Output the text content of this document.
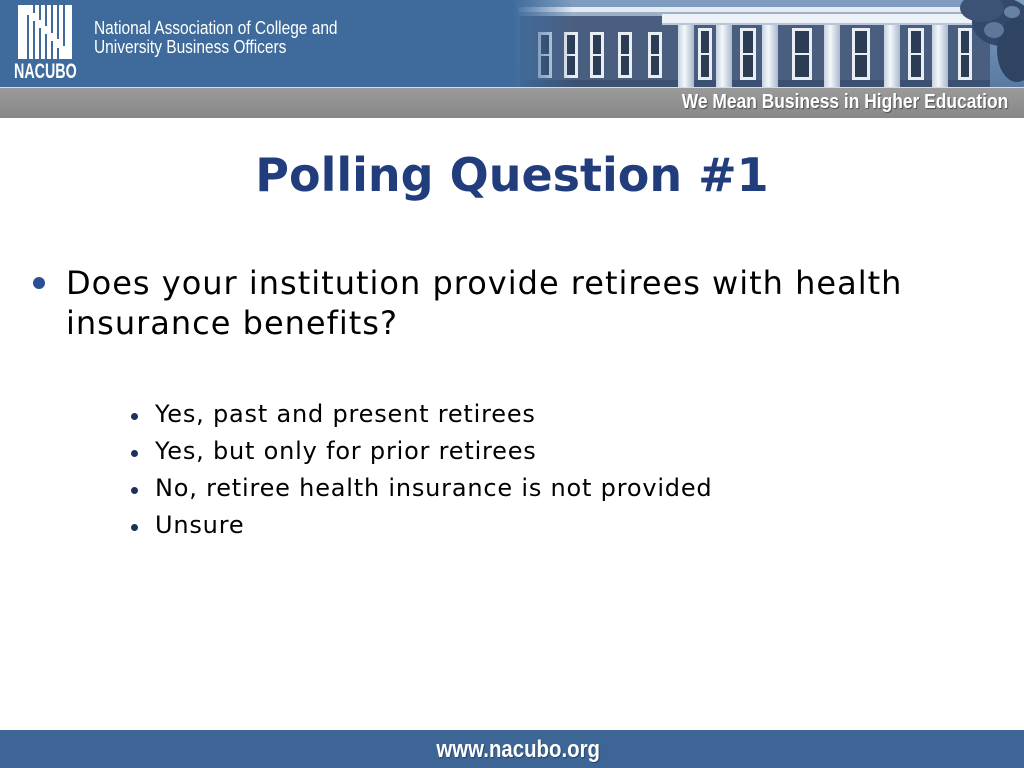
NACUBO
National Association of College and
University Business Officers
We Mean Business in Higher Education
Polling Question #1
Does your institution provide retirees with health insurance benefits?
Yes, past and present retirees
Yes, but only for prior retirees
No, retiree health insurance is not provided
Unsure
www.nacubo.org
